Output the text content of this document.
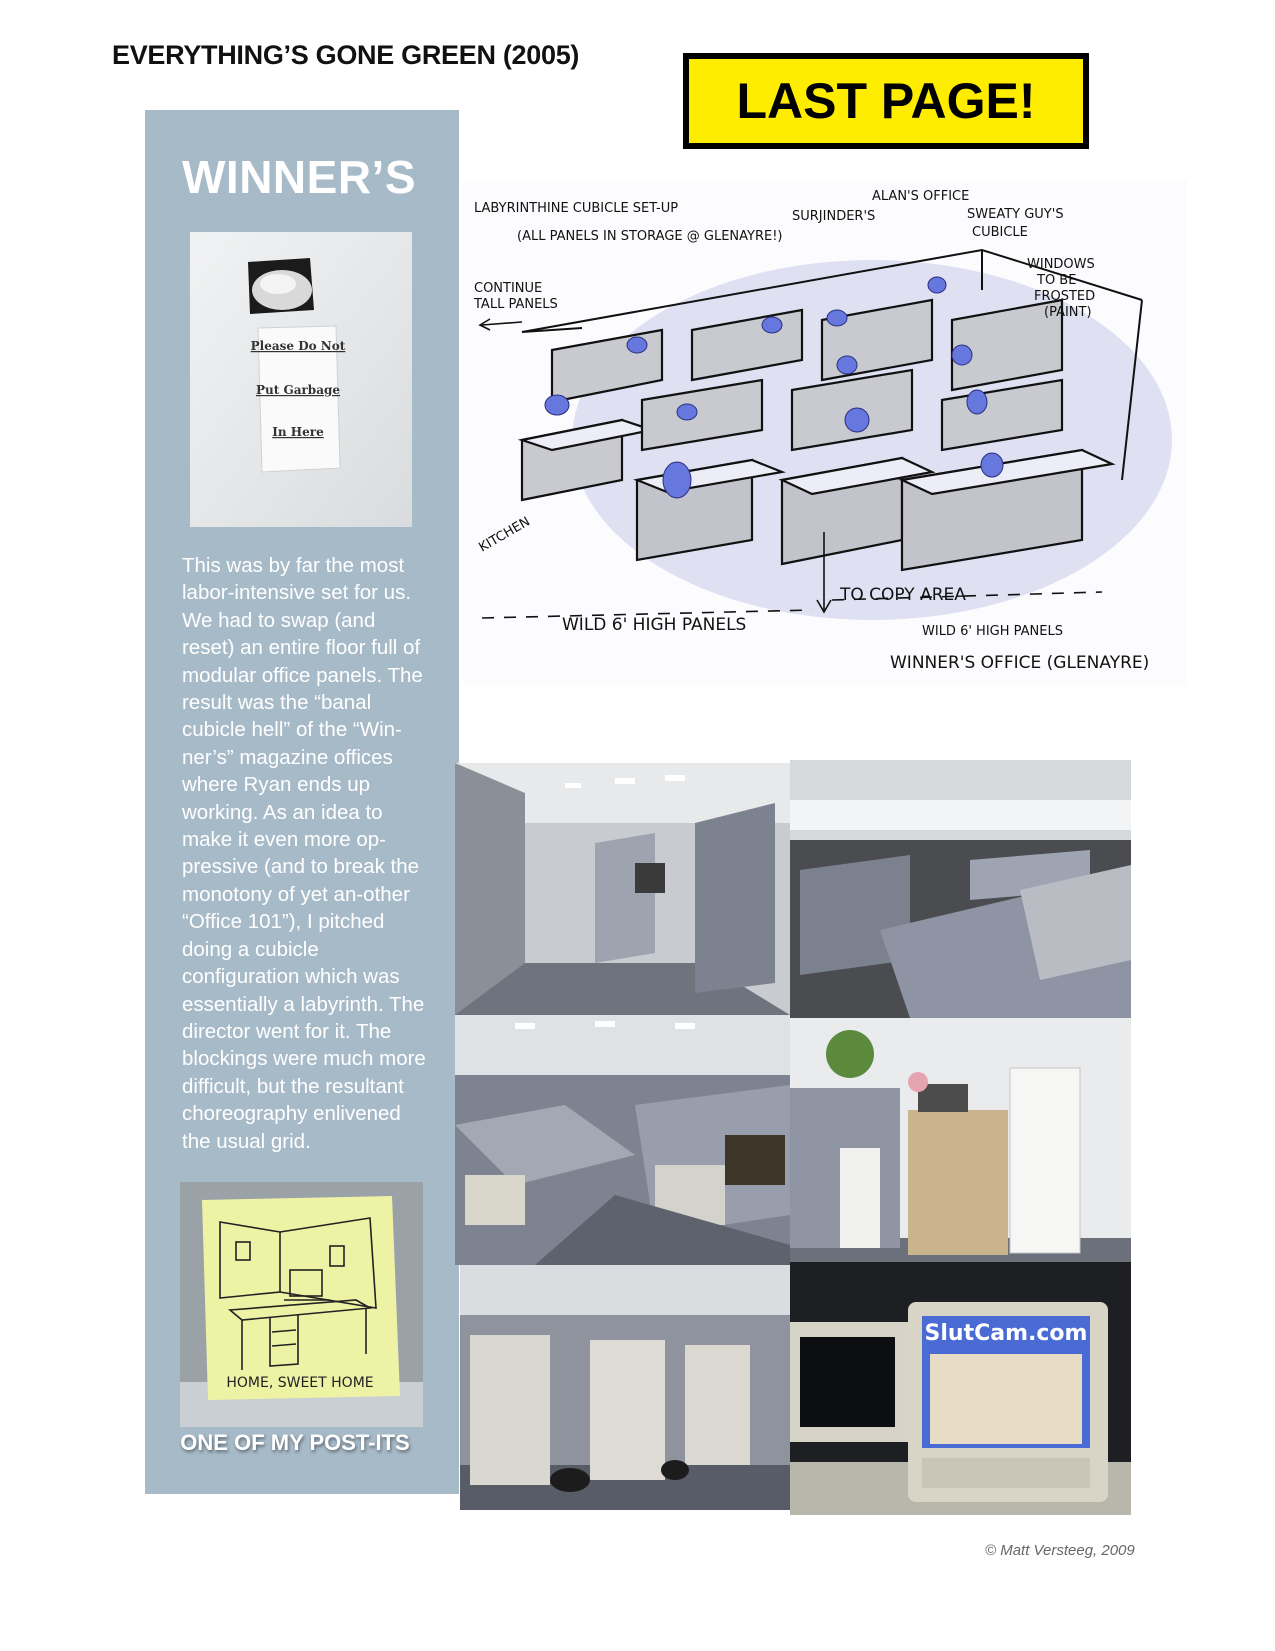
EVERYTHING’S GONE GREEN (2005)
LAST PAGE!
WINNER’S
Please Do Not
Put Garbage
In Here

This was by far the most labor-intensive set for us. We had to swap (and reset) an entire floor full of modular office panels. The result was the “banal cubicle hell” of the “Win-ner’s” magazine offices where Ryan ends up working. As an idea to make it even more op-pressive (and to break the monotony of yet an-other “Office 101”), I pitched doing a cubicle configuration which was essentially a labyrinth. The director went for it. The blockings were much more difficult, but the resultant choreography enlivened the usual grid.

HOME, SWEET HOME
ONE OF MY POST-ITS
LABYRINTHINE CUBICLE SET-UP
(ALL PANELS IN STORAGE @ GLENAYRE!)
SURJINDER'S
ALAN'S OFFICE
SWEATY GUY'S
CUBICLE
WINDOWS
TO BE
FROSTED
(PAINT)
CONTINUE
TALL PANELS
KITCHEN
WILD 6' HIGH PANELS
TO COPY AREA
WILD 6' HIGH PANELS
WINNER'S OFFICE (GLENAYRE)
SlutCam.com
© Matt Versteeg, 2009
